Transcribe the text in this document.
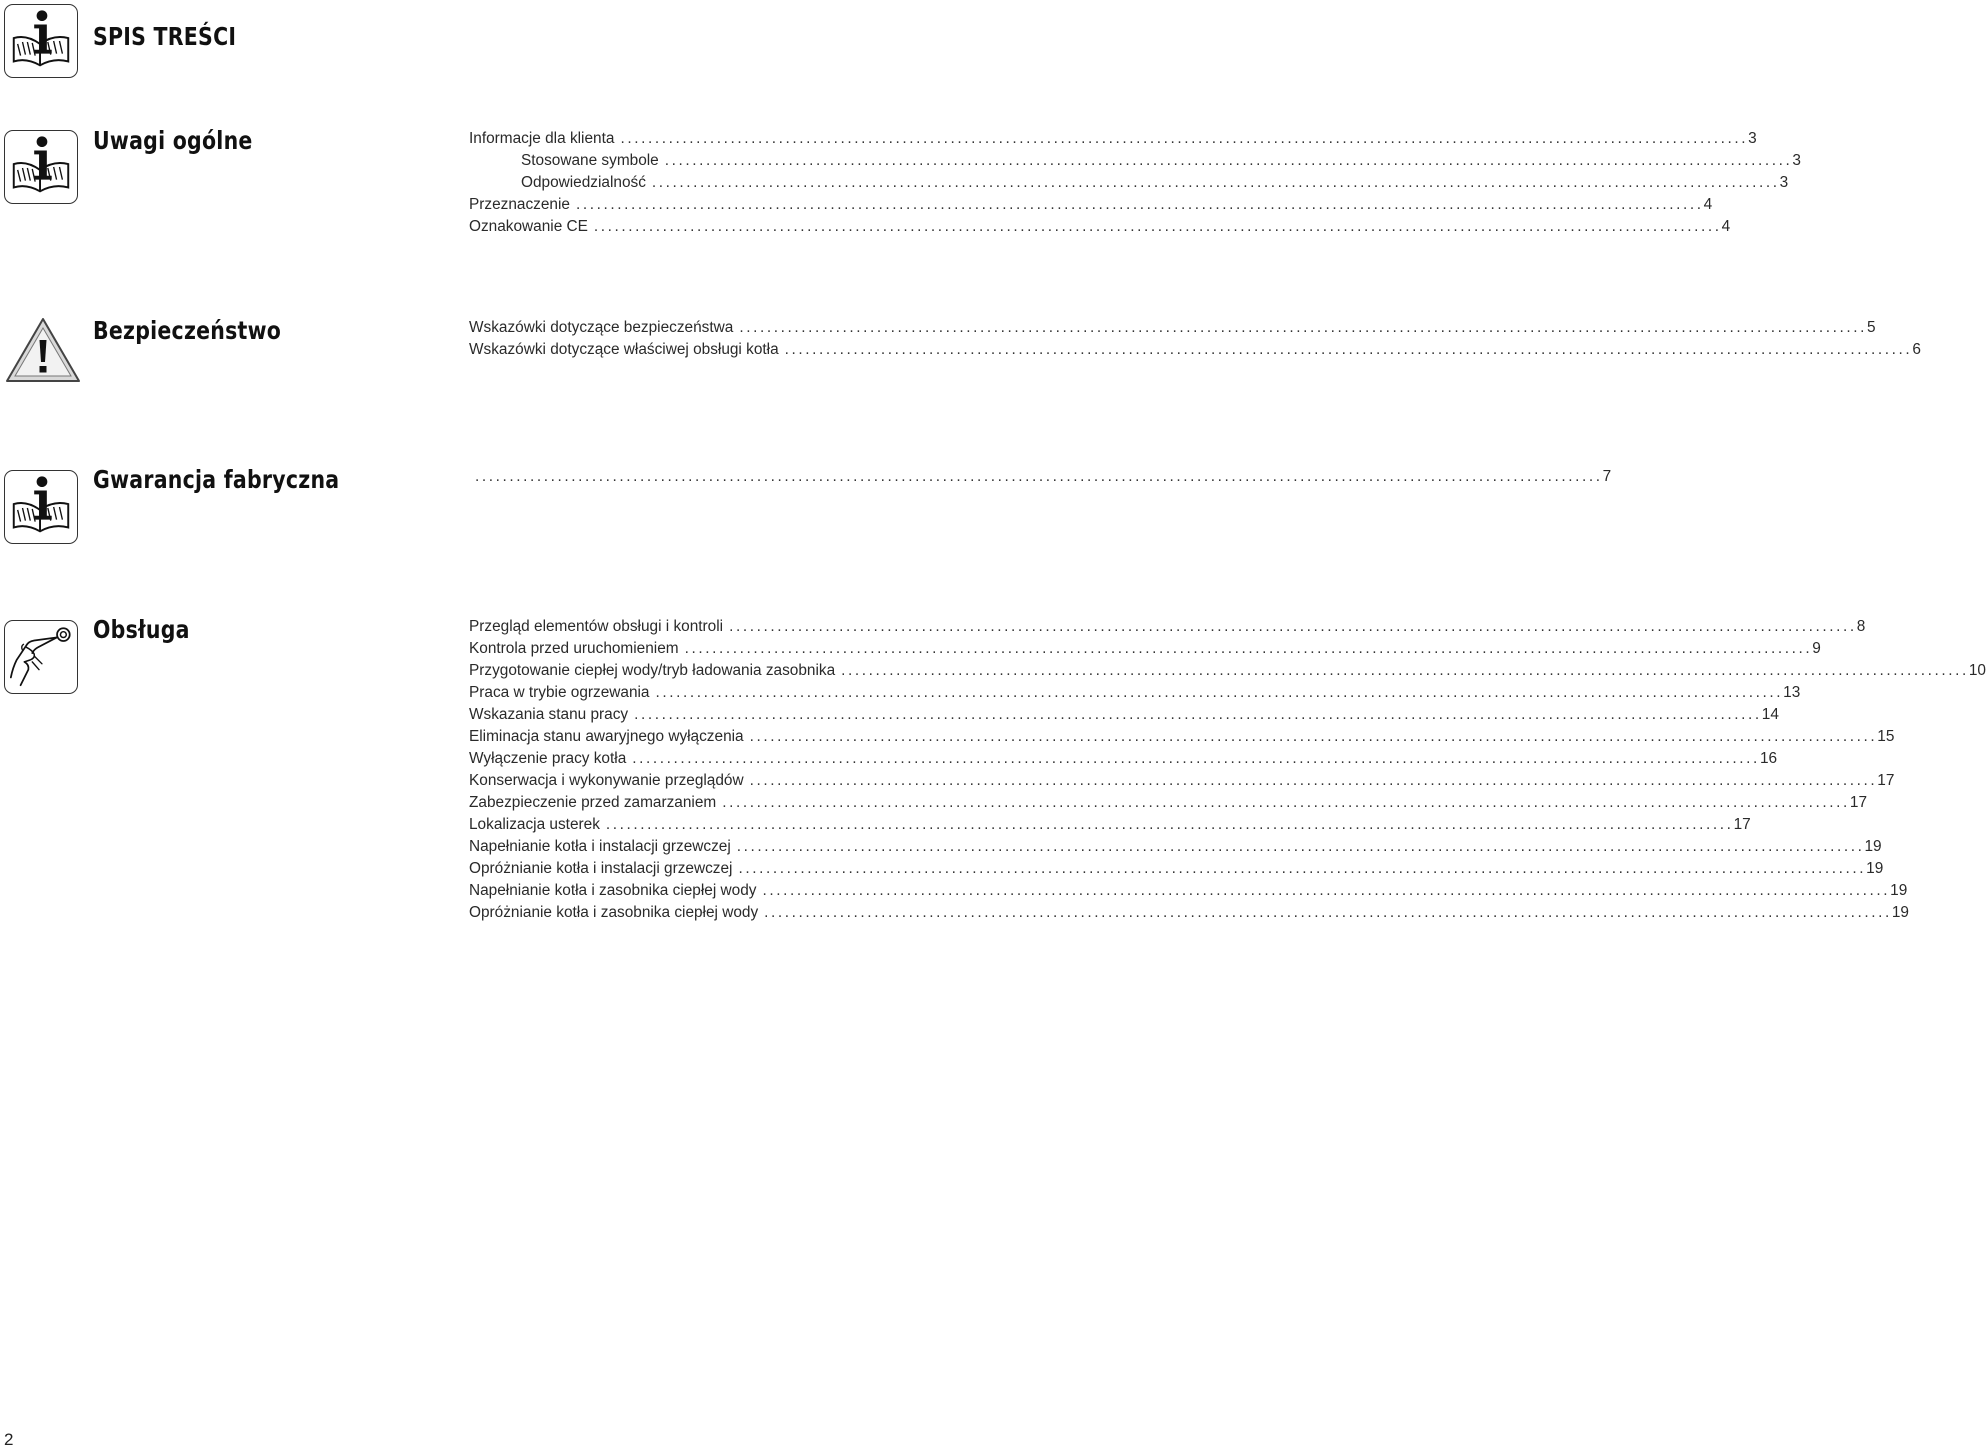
SPIS TREŚCI
Uwagi ogólne	Informacje dla klienta .....	3
Stosowane symbole .....	3
Odpowiedzialność .....	3
Przeznaczenie .....	4
Oznakowanie CE .....	4
Bezpieczeństwo	Wskazówki dotyczące bezpieczeństwa .....	5
Wskazówki dotyczące właściwej obsługi kotła .....	6
Gwarancja fabryczna .....	7
Obsługa	Przegląd elementów obsługi i kontroli .....	8
Kontrola przed uruchomieniem .....	9
Przygotowanie ciepłej wody/tryb ładowania zasobnika .....	10
Praca w trybie ogrzewania .....	13
Wskazania stanu pracy .....	14
Eliminacja stanu awaryjnego wyłączenia .....	15
Wyłączenie pracy kotła .....	16
Konserwacja i wykonywanie przeglądów .....	17
Zabezpieczenie przed zamarzaniem .....	17
Lokalizacja usterek .....	17
Napełnianie kotła i instalacji grzewczej .....	19
Opróżnianie kotła i instalacji grzewczej .....	19
Napełnianie kotła i zasobnika ciepłej wody .....	19
Opróżnianie kotła i zasobnika ciepłej wody .....	19
2
